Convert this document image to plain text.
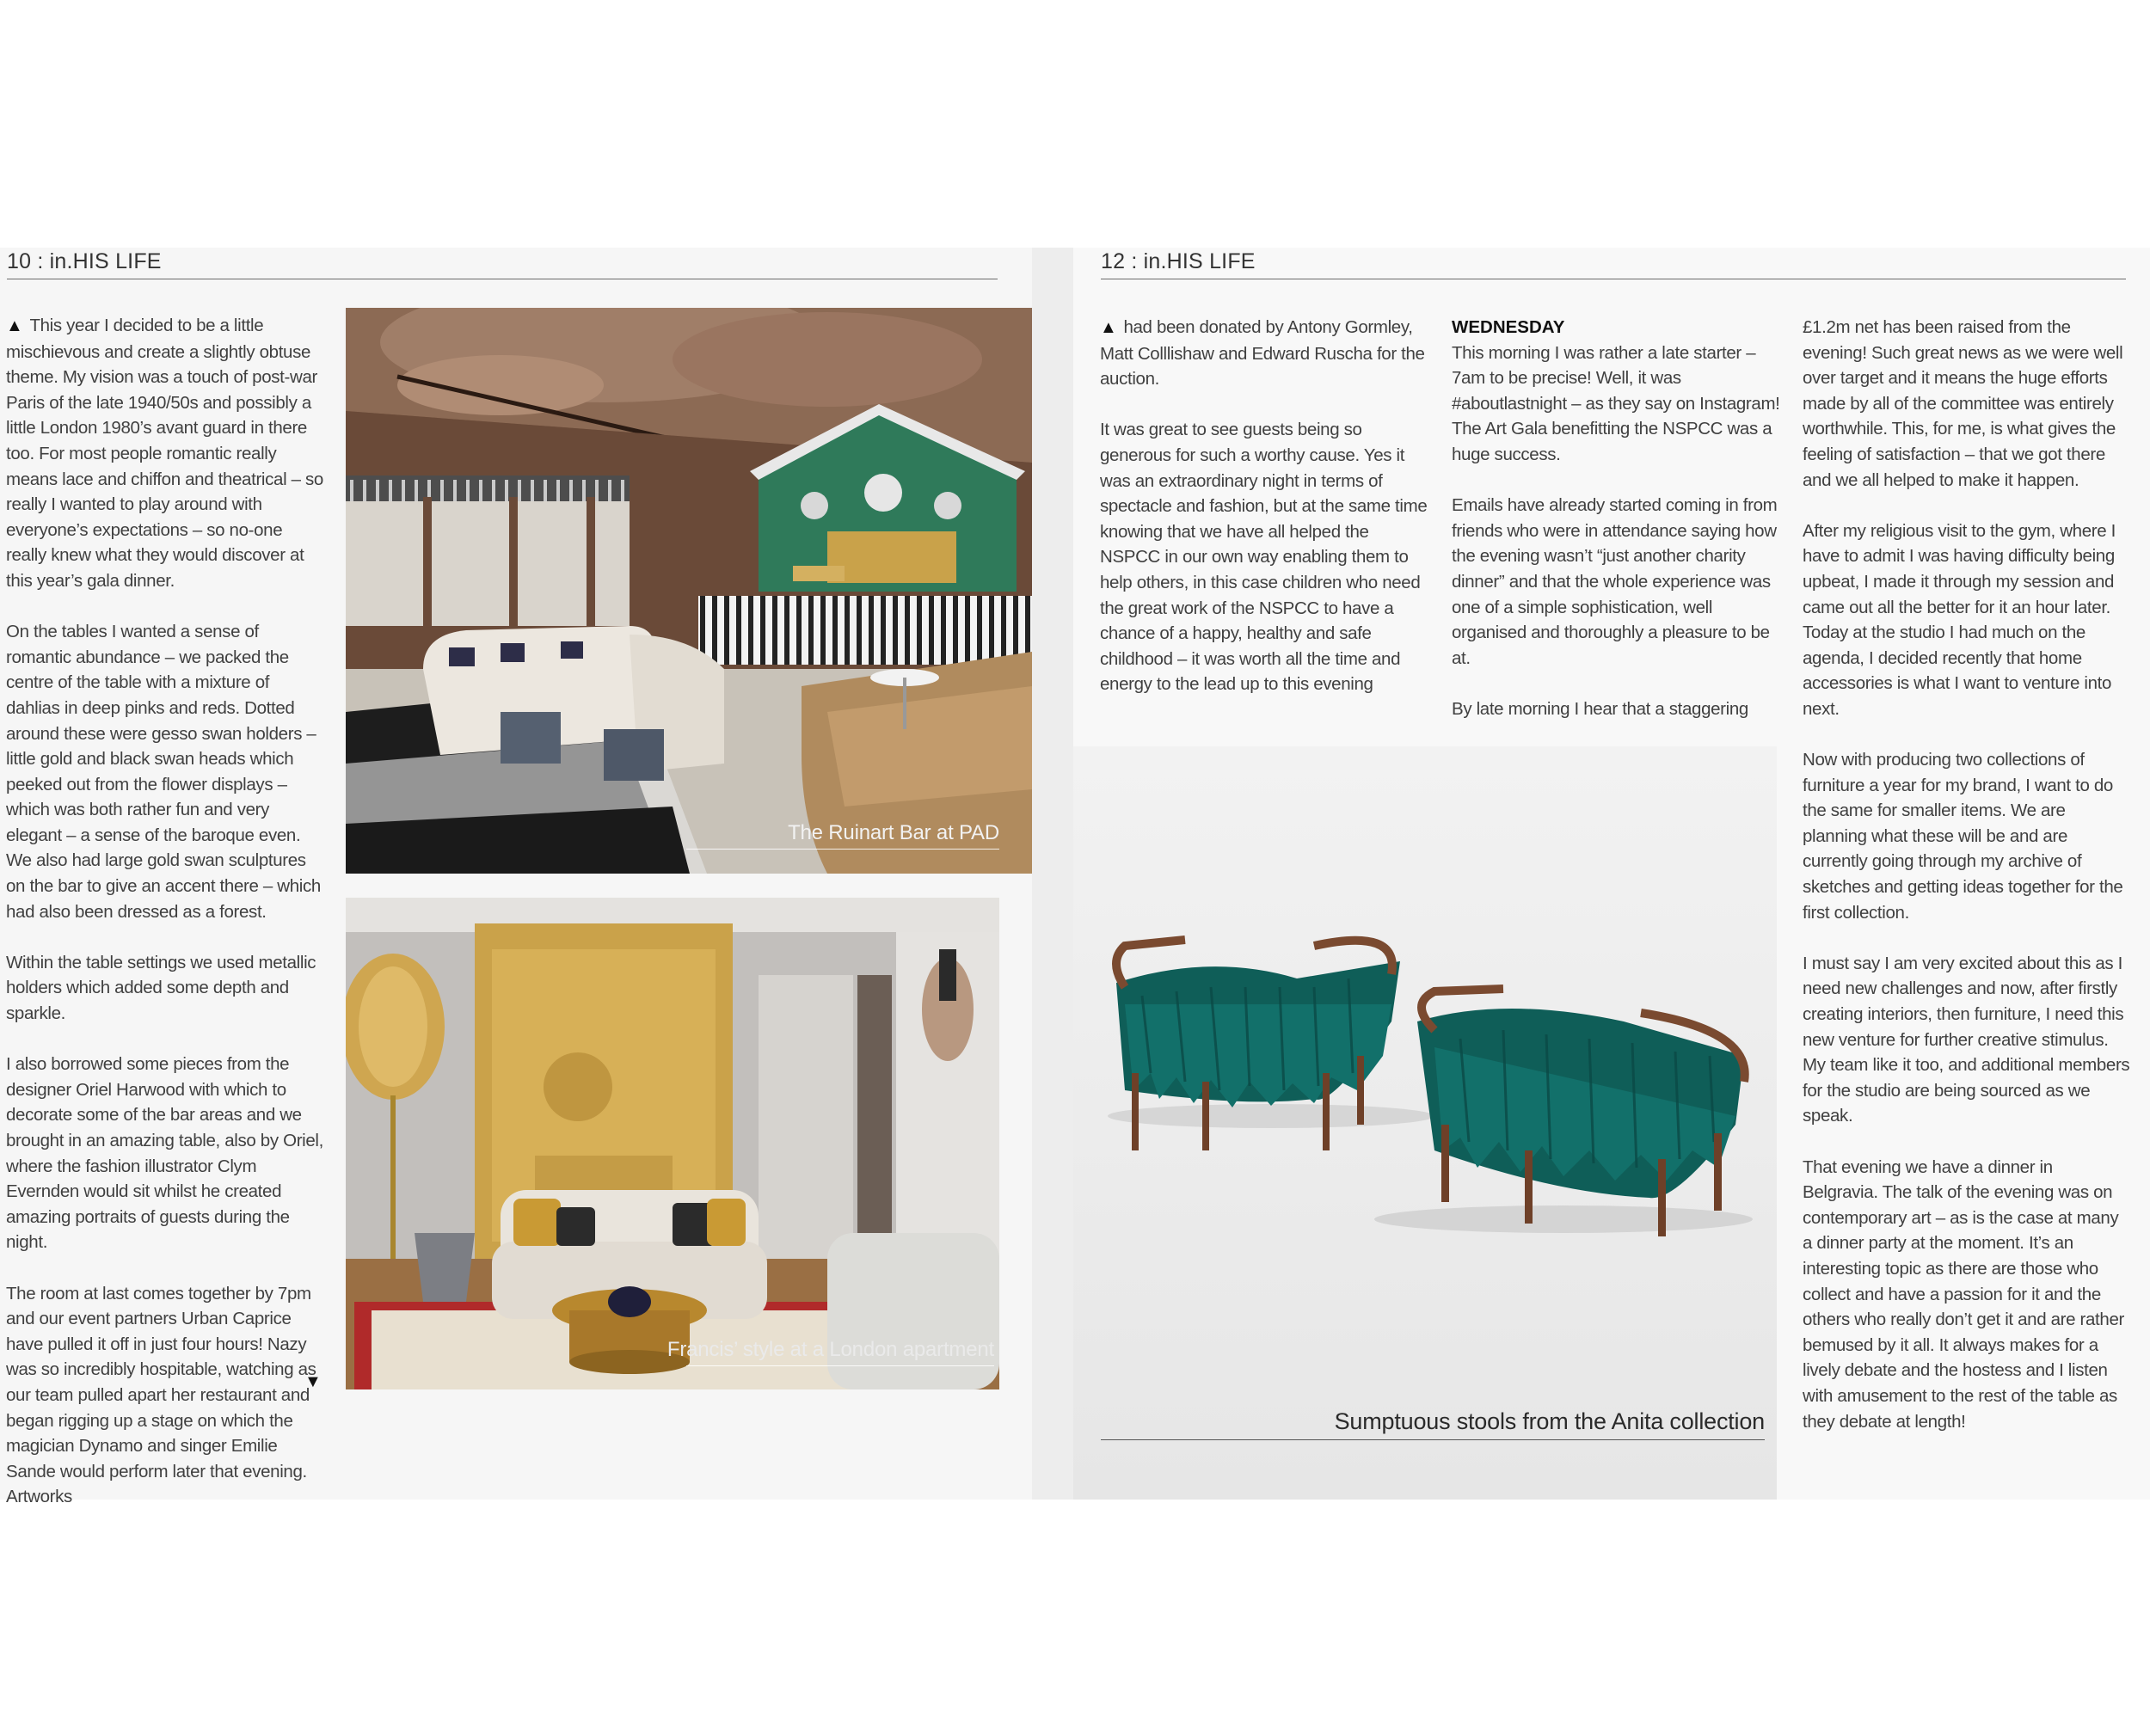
10 : in.HIS LIFE

▲ This year I decided to be a little mischievous and create a slightly obtuse theme. My vision was a touch of post-war Paris of the late 1940/50s and possibly a little London 1980’s avant guard in there too. For most people romantic really means lace and chiffon and theatrical – so really I wanted to play around with everyone’s expectations – so no-one really knew what they would discover at this year’s gala dinner.

On the tables I wanted a sense of romantic abundance – we packed the centre of the table with a mixture of dahlias in deep pinks and reds. Dotted around these were gesso swan holders – little gold and black swan heads which peeked out from the flower displays – which was both rather fun and very elegant – a sense of the baroque even. We also had large gold swan sculptures on the bar to give an accent there – which had also been dressed as a forest.

Within the table settings we used metallic holders which added some depth and sparkle.

I also borrowed some pieces from the designer Oriel Harwood with which to decorate some of the bar areas and we brought in an amazing table, also by Oriel, where the fashion illustrator Clym Evernden would sit whilst he created amazing portraits of guests during the night.

The room at last comes together by 7pm and our event partners Urban Caprice have pulled it off in just four hours! Nazy was so incredibly hospitable, watching as our team pulled apart her restaurant and began rigging up a stage on which the magician Dynamo and singer Emilie Sande would perform later that evening. Artworks

▼
The Ruinart Bar at PAD
Francis’ style at a London apartment
12 : in.HIS LIFE

▲ had been donated by Antony Gormley, Matt Colllishaw and Edward Ruscha for the auction.

It was great to see guests being so generous for such a worthy cause. Yes it was an extraordinary night in terms of spectacle and fashion, but at the same time knowing that we have all helped the NSPCC in our own way enabling them to help others, in this case children who need the great work of the NSPCC to have a chance of a happy, healthy and safe childhood – it was worth all the time and energy to the lead up to this evening

WEDNESDAY
This morning I was rather a late starter – 7am to be precise! Well, it was #aboutlastnight – as they say on Instagram! The Art Gala benefitting the NSPCC was a huge success.

Emails have already started coming in from friends who were in attendance saying how the evening wasn’t “just another charity dinner” and that the whole experience was one of a simple sophistication, well organised and thoroughly a pleasure to be at.

By late morning I hear that a staggering

£1.2m net has been raised from the evening! Such great news as we were well over target and it means the huge efforts made by all of the committee was entirely worthwhile. This, for me, is what gives the feeling of satisfaction – that we got there and we all helped to make it happen.

After my religious visit to the gym, where I have to admit I was having difficulty being upbeat, I made it through my session and came out all the better for it an hour later. Today at the studio I had much on the agenda, I decided recently that home accessories is what I want to venture into next.

Now with producing two collections of furniture a year for my brand, I want to do the same for smaller items. We are planning what these will be and are currently going through my archive of sketches and getting ideas together for the first collection.

I must say I am very excited about this as I need new challenges and now, after firstly creating interiors, then furniture, I need this new venture for further creative stimulus. My team like it too, and additional members for the studio are being sourced as we speak.

That evening we have a dinner in Belgravia. The talk of the evening was on contemporary art – as is the case at many a dinner party at the moment. It’s an interesting topic as there are those who collect and have a passion for it and the others who really don’t get it and are rather bemused by it all. It always makes for a lively debate and the hostess and I listen with amusement to the rest of the table as they debate at length!

Sumptuous stools from the Anita collection
